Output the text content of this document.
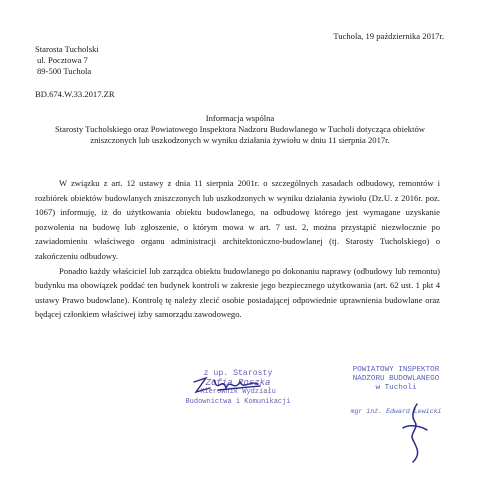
Tuchola, 19 października 2017r.
Starosta Tucholski
ul. Pocztowa 7
89-500 Tuchola
BD.674.W.33.2017.ZR
Informacja wspólna
Starosty Tucholskiego oraz Powiatowego Inspektora Nadzoru Budowlanego w Tucholi dotycząca obiektów zniszczonych lub uszkodzonych w wyniku działania żywiołu w dniu 11 sierpnia 2017r.

W związku z art. 12 ustawy z dnia 11 sierpnia 2001r. o szczególnych zasadach odbudowy, remontów i rozbiórek obiektów budowlanych zniszczonych lub uszkodzonych w wyniku działania żywiołu (Dz.U. z 2016r. poz. 1067) informuję, iż do użytkowania obiektu budowlanego, na odbudowę którego jest wymagane uzyskanie pozwolenia na budowę lub zgłoszenie, o którym mowa w art. 7 ust. 2, można przystąpić niezwłocznie po zawiadomieniu właściwego organu administracji architektoniczno-budowlanej (tj. Starosty Tucholskiego) o zakończeniu odbudowy.

Ponadto każdy właściciel lub zarządca obiektu budowlanego po dokonaniu naprawy (odbudowy lub remontu) budynku ma obowiązek poddać ten budynek kontroli w zakresie jego bezpiecznego użytkowania (art. 62 ust. 1 pkt 4 ustawy Prawo budowlane). Kontrolę tę należy zlecić osobie posiadającej odpowiednie uprawnienia budowlane oraz będącej członkiem właściwej izby samorządu zawodowego.

z up. Starosty
Zofia Roszka
Kierownik Wydziału
Budownictwa i Komunikacji
POWIATOWY INSPEKTOR
NADZORU BUDOWLANEGO
w Tucholi
mgr inż. Edward Lewicki
